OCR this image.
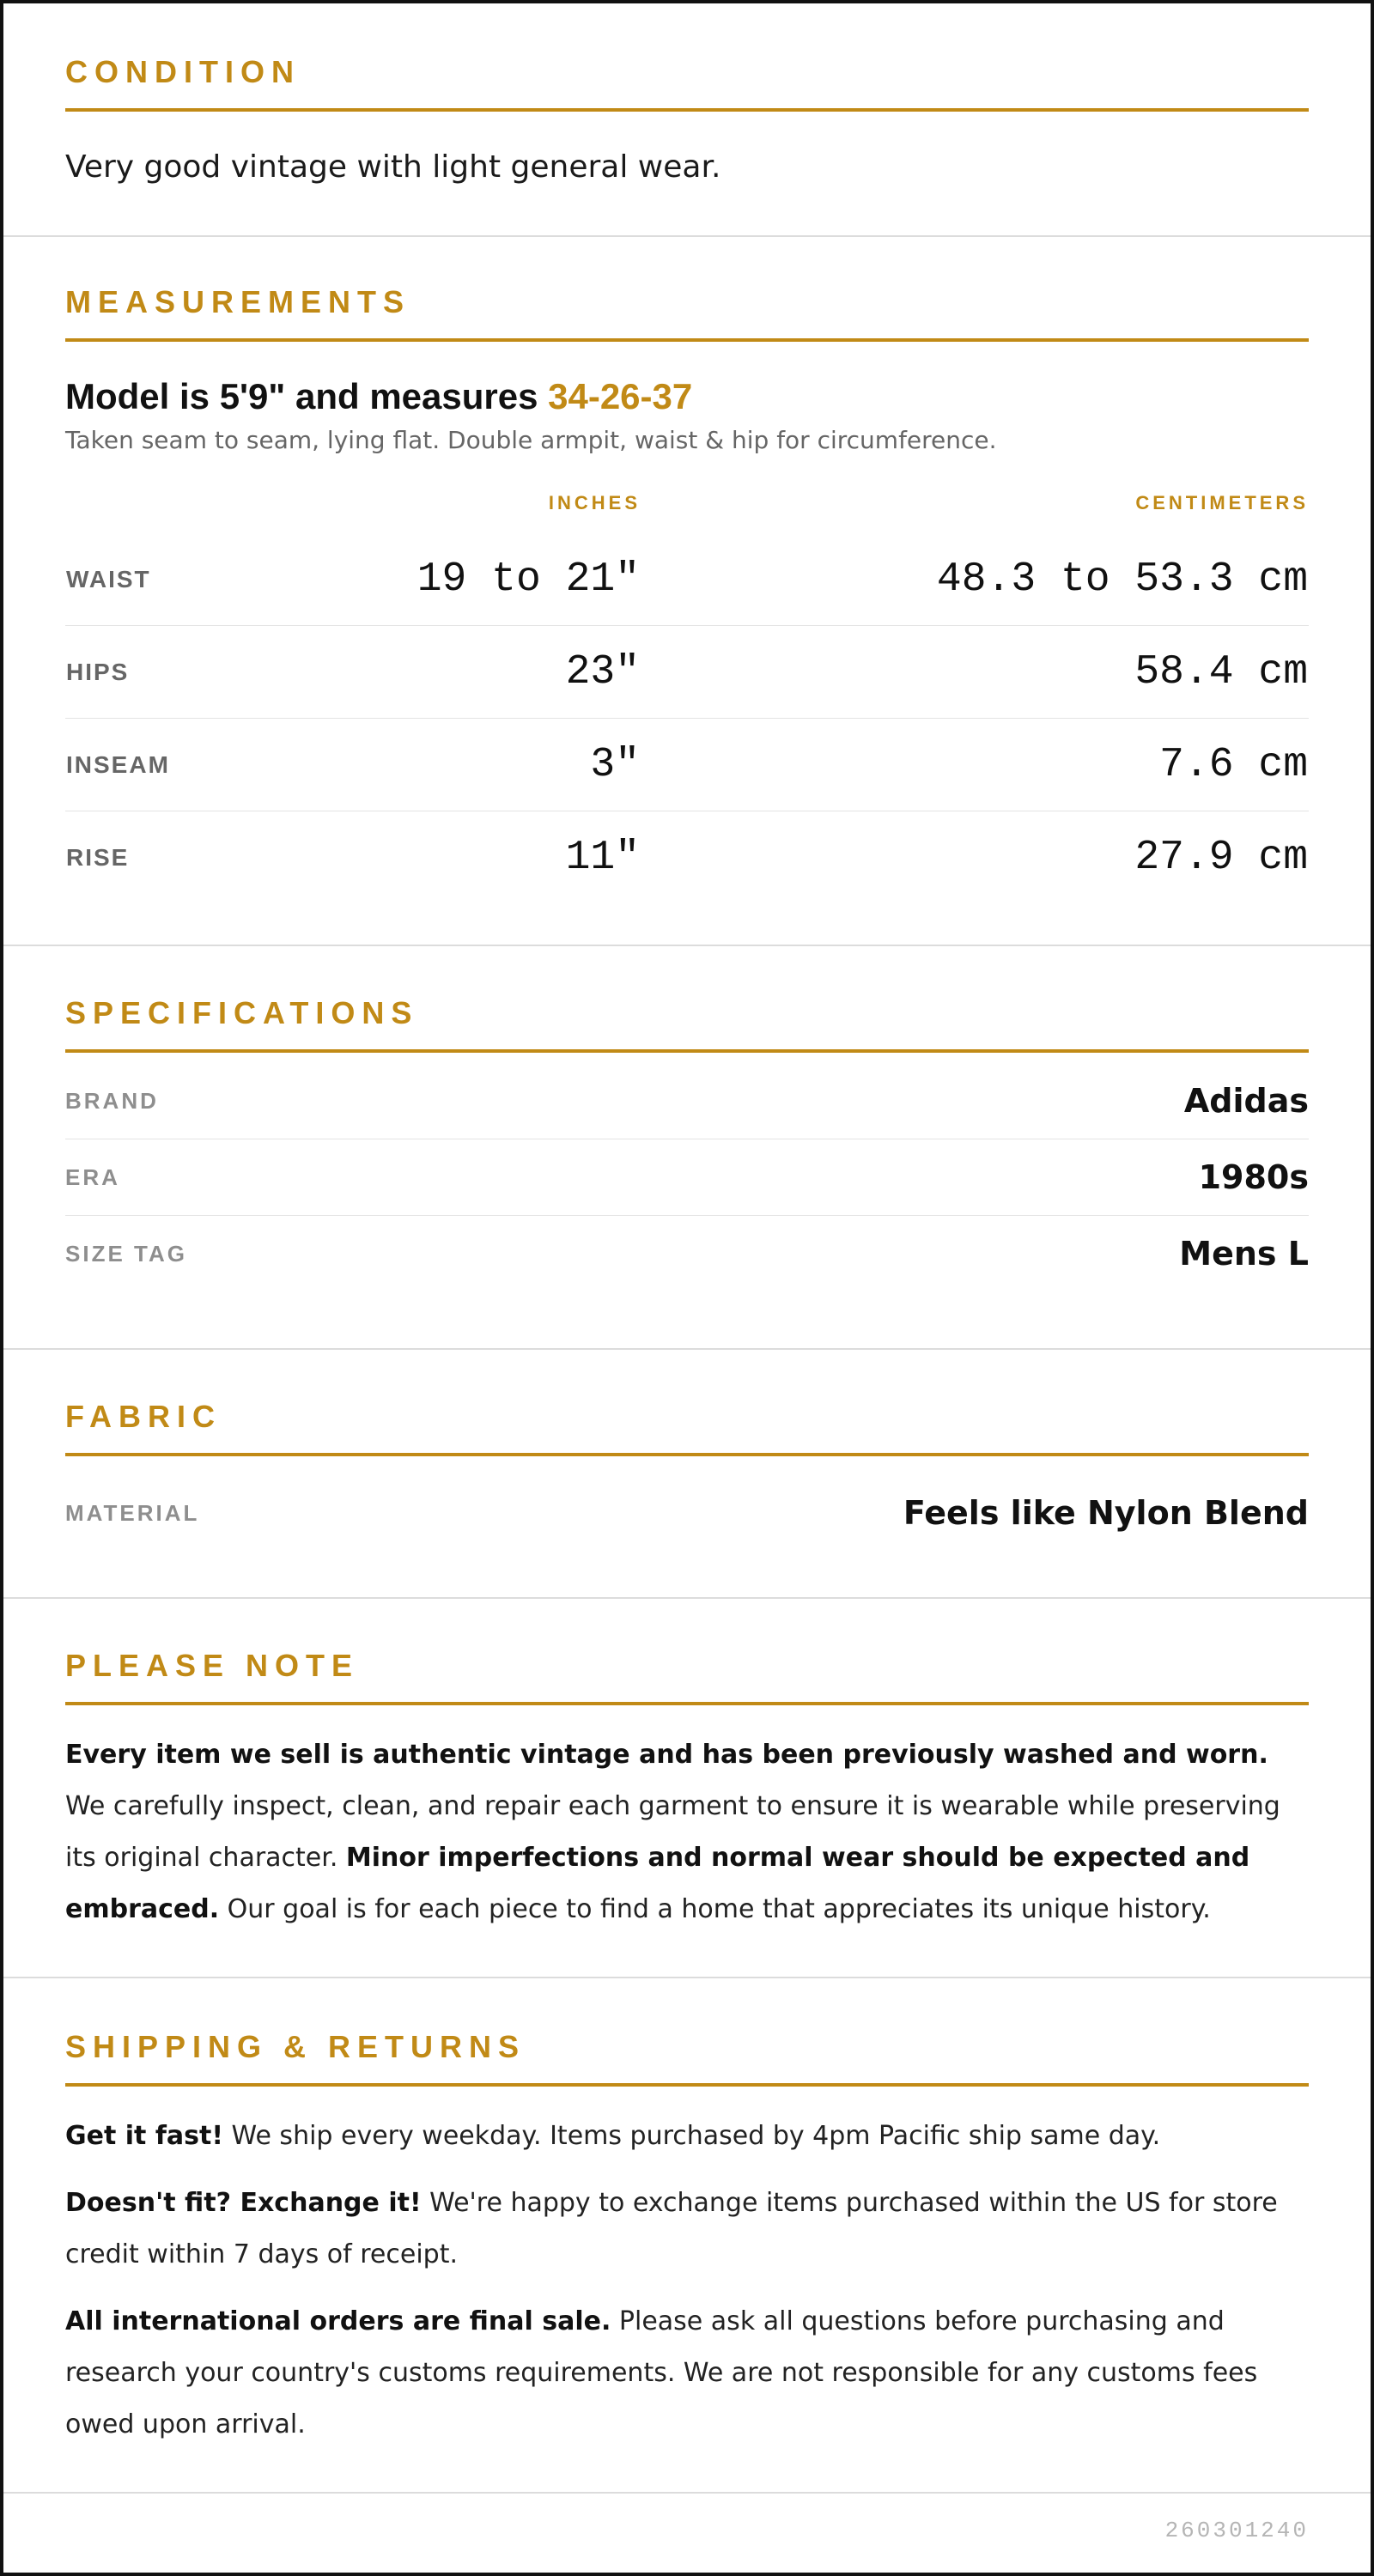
CONDITION
Very good vintage with light general wear.
MEASUREMENTS
Model is 5'9" and measures 34-26-37
Taken seam to seam, lying flat. Double armpit, waist & hip for circumference.
	INCHES	CENTIMETERS
WAIST	19 to 21"	48.3 to 53.3 cm
HIPS	23"	58.4 cm
INSEAM	3"	7.6 cm
RISE	11"	27.9 cm
SPECIFICATIONS
BRAND	Adidas
ERA	1980s
SIZE TAG	Mens L
FABRIC
MATERIAL	Feels like Nylon Blend
PLEASE NOTE
Every item we sell is authentic vintage and has been previously washed and worn. We carefully inspect, clean, and repair each garment to ensure it is wearable while preserving its original character. Minor imperfections and normal wear should be expected and embraced. Our goal is for each piece to find a home that appreciates its unique history.
SHIPPING & RETURNS

Get it fast! We ship every weekday. Items purchased by 4pm Pacific ship same day.

Doesn't fit? Exchange it! We're happy to exchange items purchased within the US for store credit within 7 days of receipt.

All international orders are final sale. Please ask all questions before purchasing and research your country's customs requirements. We are not responsible for any customs fees owed upon arrival.

260301240
